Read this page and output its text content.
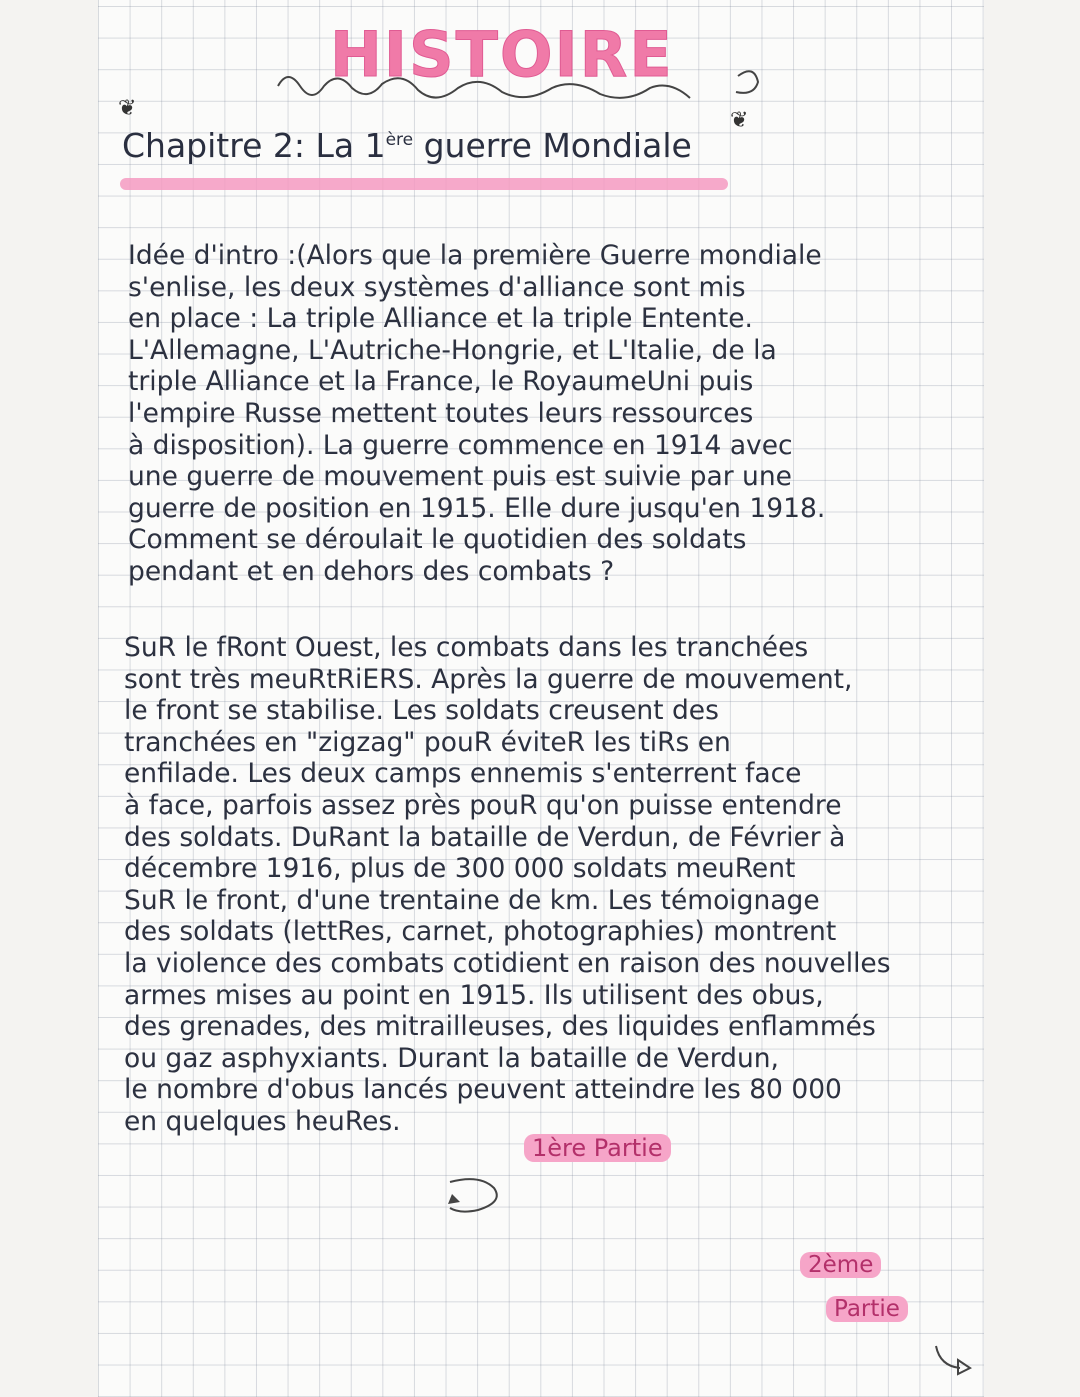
HISTOIRE
❦	❦
Chapitre 2: La 1ère guerre Mondiale
Idée d'intro :(Alors que la première Guerre mondiale
s'enlise, les deux systèmes d'alliance sont mis
en place : La triple Alliance et la triple Entente.
L'Allemagne, L'Autriche-Hongrie, et L'Italie, de la
triple Alliance et la France, le RoyaumeUni puis
l'empire Russe mettent toutes leurs ressources
à disposition). La guerre commence en 1914 avec
une guerre de mouvement puis est suivie par une
guerre de position en 1915. Elle dure jusqu'en 1918.
Comment se déroulait le quotidien des soldats
pendant et en dehors des combats ?
SuR le fRont Ouest, les combats dans les tranchées
sont très meuRtRiERS. Après la guerre de mouvement,
le front se stabilise. Les soldats creusent des
tranchées en "zigzag" pouR éviteR les tiRs en
enfilade. Les deux camps ennemis s'enterrent face
à face, parfois assez près pouR qu'on puisse entendre
des soldats. DuRant la bataille de Verdun, de Février à
décembre 1916, plus de 300 000 soldats meuRent
SuR le front, d'une trentaine de km. Les témoignage
des soldats (lettRes, carnet, photographies) montrent
la violence des combats cotidient en raison des nouvelles
armes mises au point en 1915. Ils utilisent des obus,
des grenades, des mitrailleuses, des liquides enflammés
ou gaz asphyxiants. Durant la bataille de Verdun,
le nombre d'obus lancés peuvent atteindre les 80 000
en quelques heuRes.
1ère Partie
2ème
Partie
